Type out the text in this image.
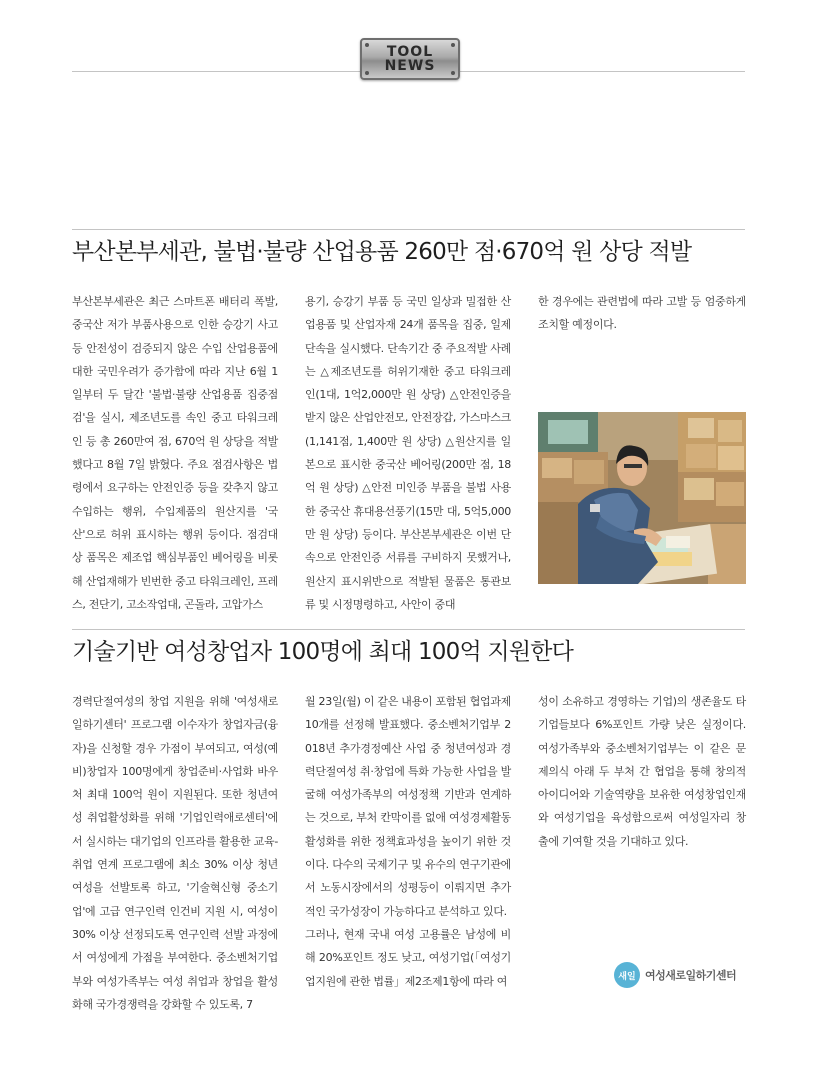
TOOL
NEWS
부산본부세관, 불법·불량 산업용품 260만 점·670억 원 상당 적발

부산본부세관은 최근 스마트폰 배터리 폭발, 중국산 저가 부품사용으로 인한 승강기 사고 등 안전성이 검증되지 않은 수입 산업용품에 대한 국민우려가 증가함에 따라 지난 6월 1일부터 두 달간 '불법·불량 산업용품 집중점검'을 실시, 제조년도를 속인 중고 타워크레인 등 총 260만여 점, 670억 원 상당을 적발했다고 8월 7일 밝혔다. 주요 점검사항은 법령에서 요구하는 안전인증 등을 갖추지 않고 수입하는 행위, 수입제품의 원산지를 '국산'으로 허위 표시하는 행위 등이다. 점검대상 품목은 제조업 핵심부품인 베어링을 비롯해 산업재해가 빈번한 중고 타워크레인, 프레스, 전단기, 고소작업대, 곤돌라, 고압가스

용기, 승강기 부품 등 국민 일상과 밀접한 산업용품 및 산업자재 24개 품목을 집중, 일제단속을 실시했다. 단속기간 중 주요적발 사례는 △제조년도를 허위기재한 중고 타워크레인(1대, 1억2,000만 원 상당) △안전인증을 받지 않은 산업안전모, 안전장갑, 가스마스크(1,141점, 1,400만 원 상당) △원산지를 일본으로 표시한 중국산 베어링(200만 점, 18억 원 상당) △안전 미인증 부품을 불법 사용한 중국산 휴대용선풍기(15만 대, 5억5,000만 원 상당) 등이다. 부산본부세관은 이번 단속으로 안전인증 서류를 구비하지 못했거나, 원산지 표시위반으로 적발된 물품은 통관보류 및 시정명령하고, 사안이 중대

한 경우에는 관련법에 따라 고발 등 엄중하게 조치할 예정이다.

기술기반 여성창업자 100명에 최대 100억 지원한다

경력단절여성의 창업 지원을 위해 '여성새로일하기센터' 프로그램 이수자가 창업자금(융자)을 신청할 경우 가점이 부여되고, 여성(예비)창업자 100명에게 창업준비·사업화 바우처 최대 100억 원이 지원된다. 또한 청년여성 취업활성화를 위해 '기업인력애로센터'에서 실시하는 대기업의 인프라를 활용한 교육-취업 연계 프로그램에 최소 30% 이상 청년여성을 선발토록 하고, '기술혁신형 중소기업'에 고급 연구인력 인건비 지원 시, 여성이 30% 이상 선정되도록 연구인력 선발 과정에서 여성에게 가점을 부여한다. 중소벤처기업부와 여성가족부는 여성 취업과 창업을 활성화해 국가경쟁력을 강화할 수 있도록, 7

월 23일(월) 이 같은 내용이 포함된 협업과제 10개를 선정해 발표했다. 중소벤처기업부 2018년 추가경정예산 사업 중 청년여성과 경력단절여성 취·창업에 특화 가능한 사업을 발굴해 여성가족부의 여성정책 기반과 연계하는 것으로, 부처 칸막이를 없애 여성경제활동 활성화를 위한 정책효과성을 높이기 위한 것이다. 다수의 국제기구 및 유수의 연구기관에서 노동시장에서의 성평등이 이뤄지면 추가적인 국가성장이 가능하다고 분석하고 있다.

그러나, 현재 국내 여성 고용률은 남성에 비해 20%포인트 정도 낮고, 여성기업(「여성기업지원에 관한 법률」제2조제1항에 따라 여

성이 소유하고 경영하는 기업)의 생존율도 타기업들보다 6%포인트 가량 낮은 실정이다. 여성가족부와 중소벤처기업부는 이 같은 문제의식 아래 두 부처 간 협업을 통해 창의적 아이디어와 기술역량을 보유한 여성창업인재와 여성기업을 육성함으로써 여성일자리 창출에 기여할 것을 기대하고 있다.

새일 여성새로일하기센터
